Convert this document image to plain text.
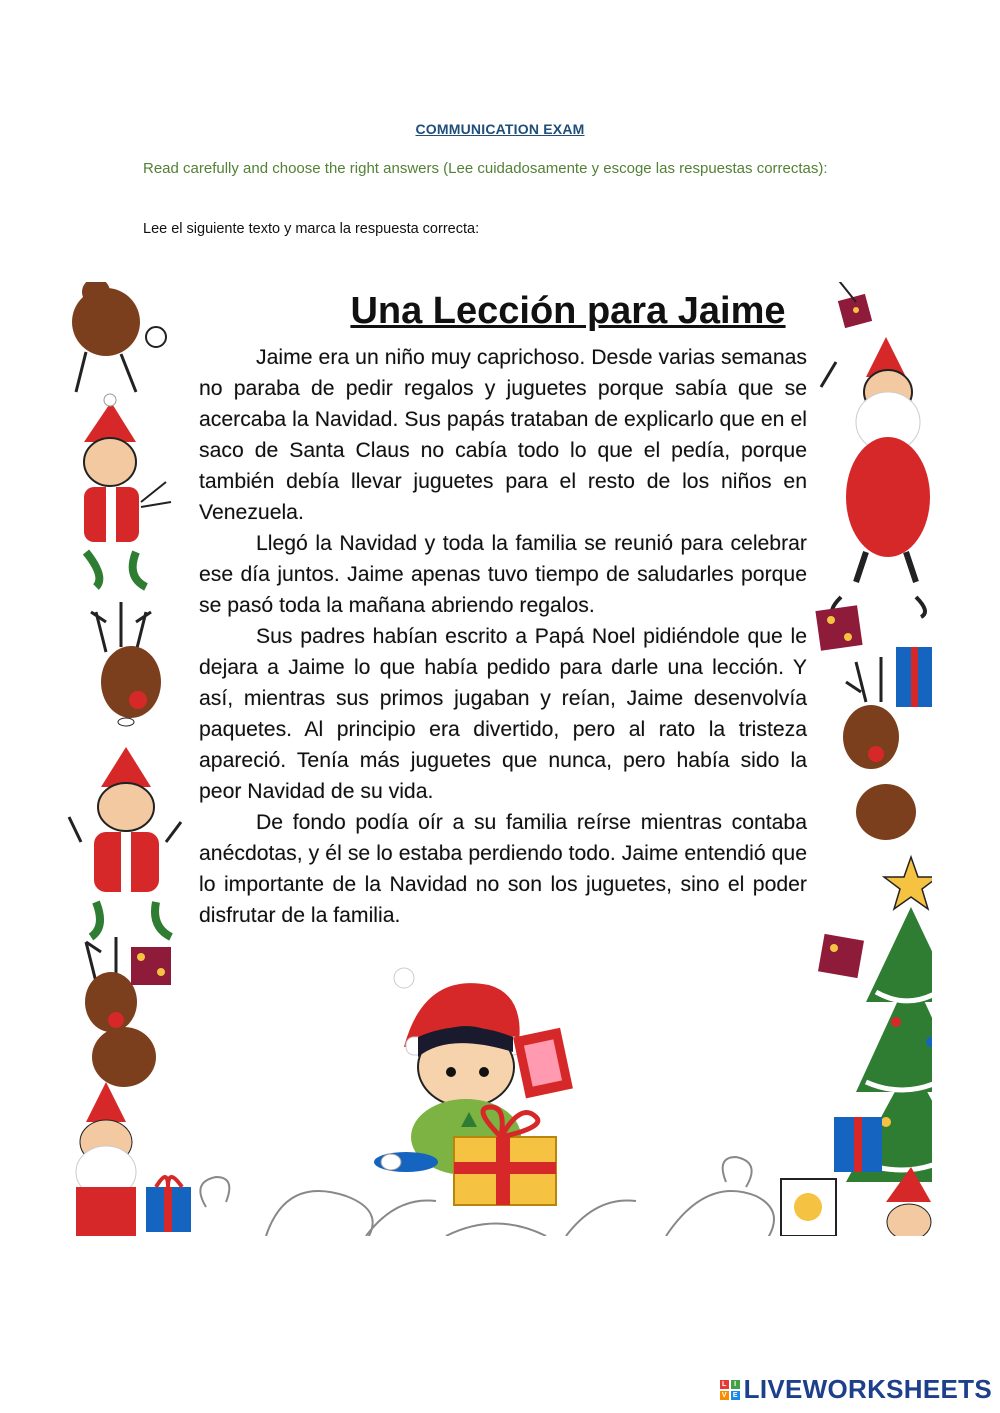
COMMUNICATION EXAM
Read carefully and choose the right answers (Lee cuidadosamente y escoge las respuestas correctas):
Lee el siguiente texto y marca la respuesta correcta:
Una Lección para Jaime

Jaime era un niño muy caprichoso. Desde varias semanas no paraba de pedir regalos y juguetes porque sabía que se acercaba la Navidad. Sus papás trataban de explicarlo que en el saco de Santa Claus no cabía todo lo que el pedía, porque también debía llevar juguetes para el resto de los niños en Venezuela.

Llegó la Navidad y toda la familia se reunió para celebrar ese día juntos. Jaime apenas tuvo tiempo de saludarles porque se pasó toda la mañana abriendo regalos.

Sus padres habían escrito a Papá Noel pidiéndole que le dejara a Jaime lo que había pedido para darle una lección. Y así, mientras sus primos jugaban y reían, Jaime desenvolvía paquetes. Al principio era divertido, pero al rato la tristeza apareció. Tenía más juguetes que nunca, pero había sido la peor Navidad de su vida.

De fondo podía oír a su familia reírse mientras contaba anécdotas, y él se lo estaba perdiendo todo. Jaime entendió que lo importante de la Navidad no son los juguetes, sino el poder disfrutar de la familia.

L	I
V E LIVEWORKSHEETS
